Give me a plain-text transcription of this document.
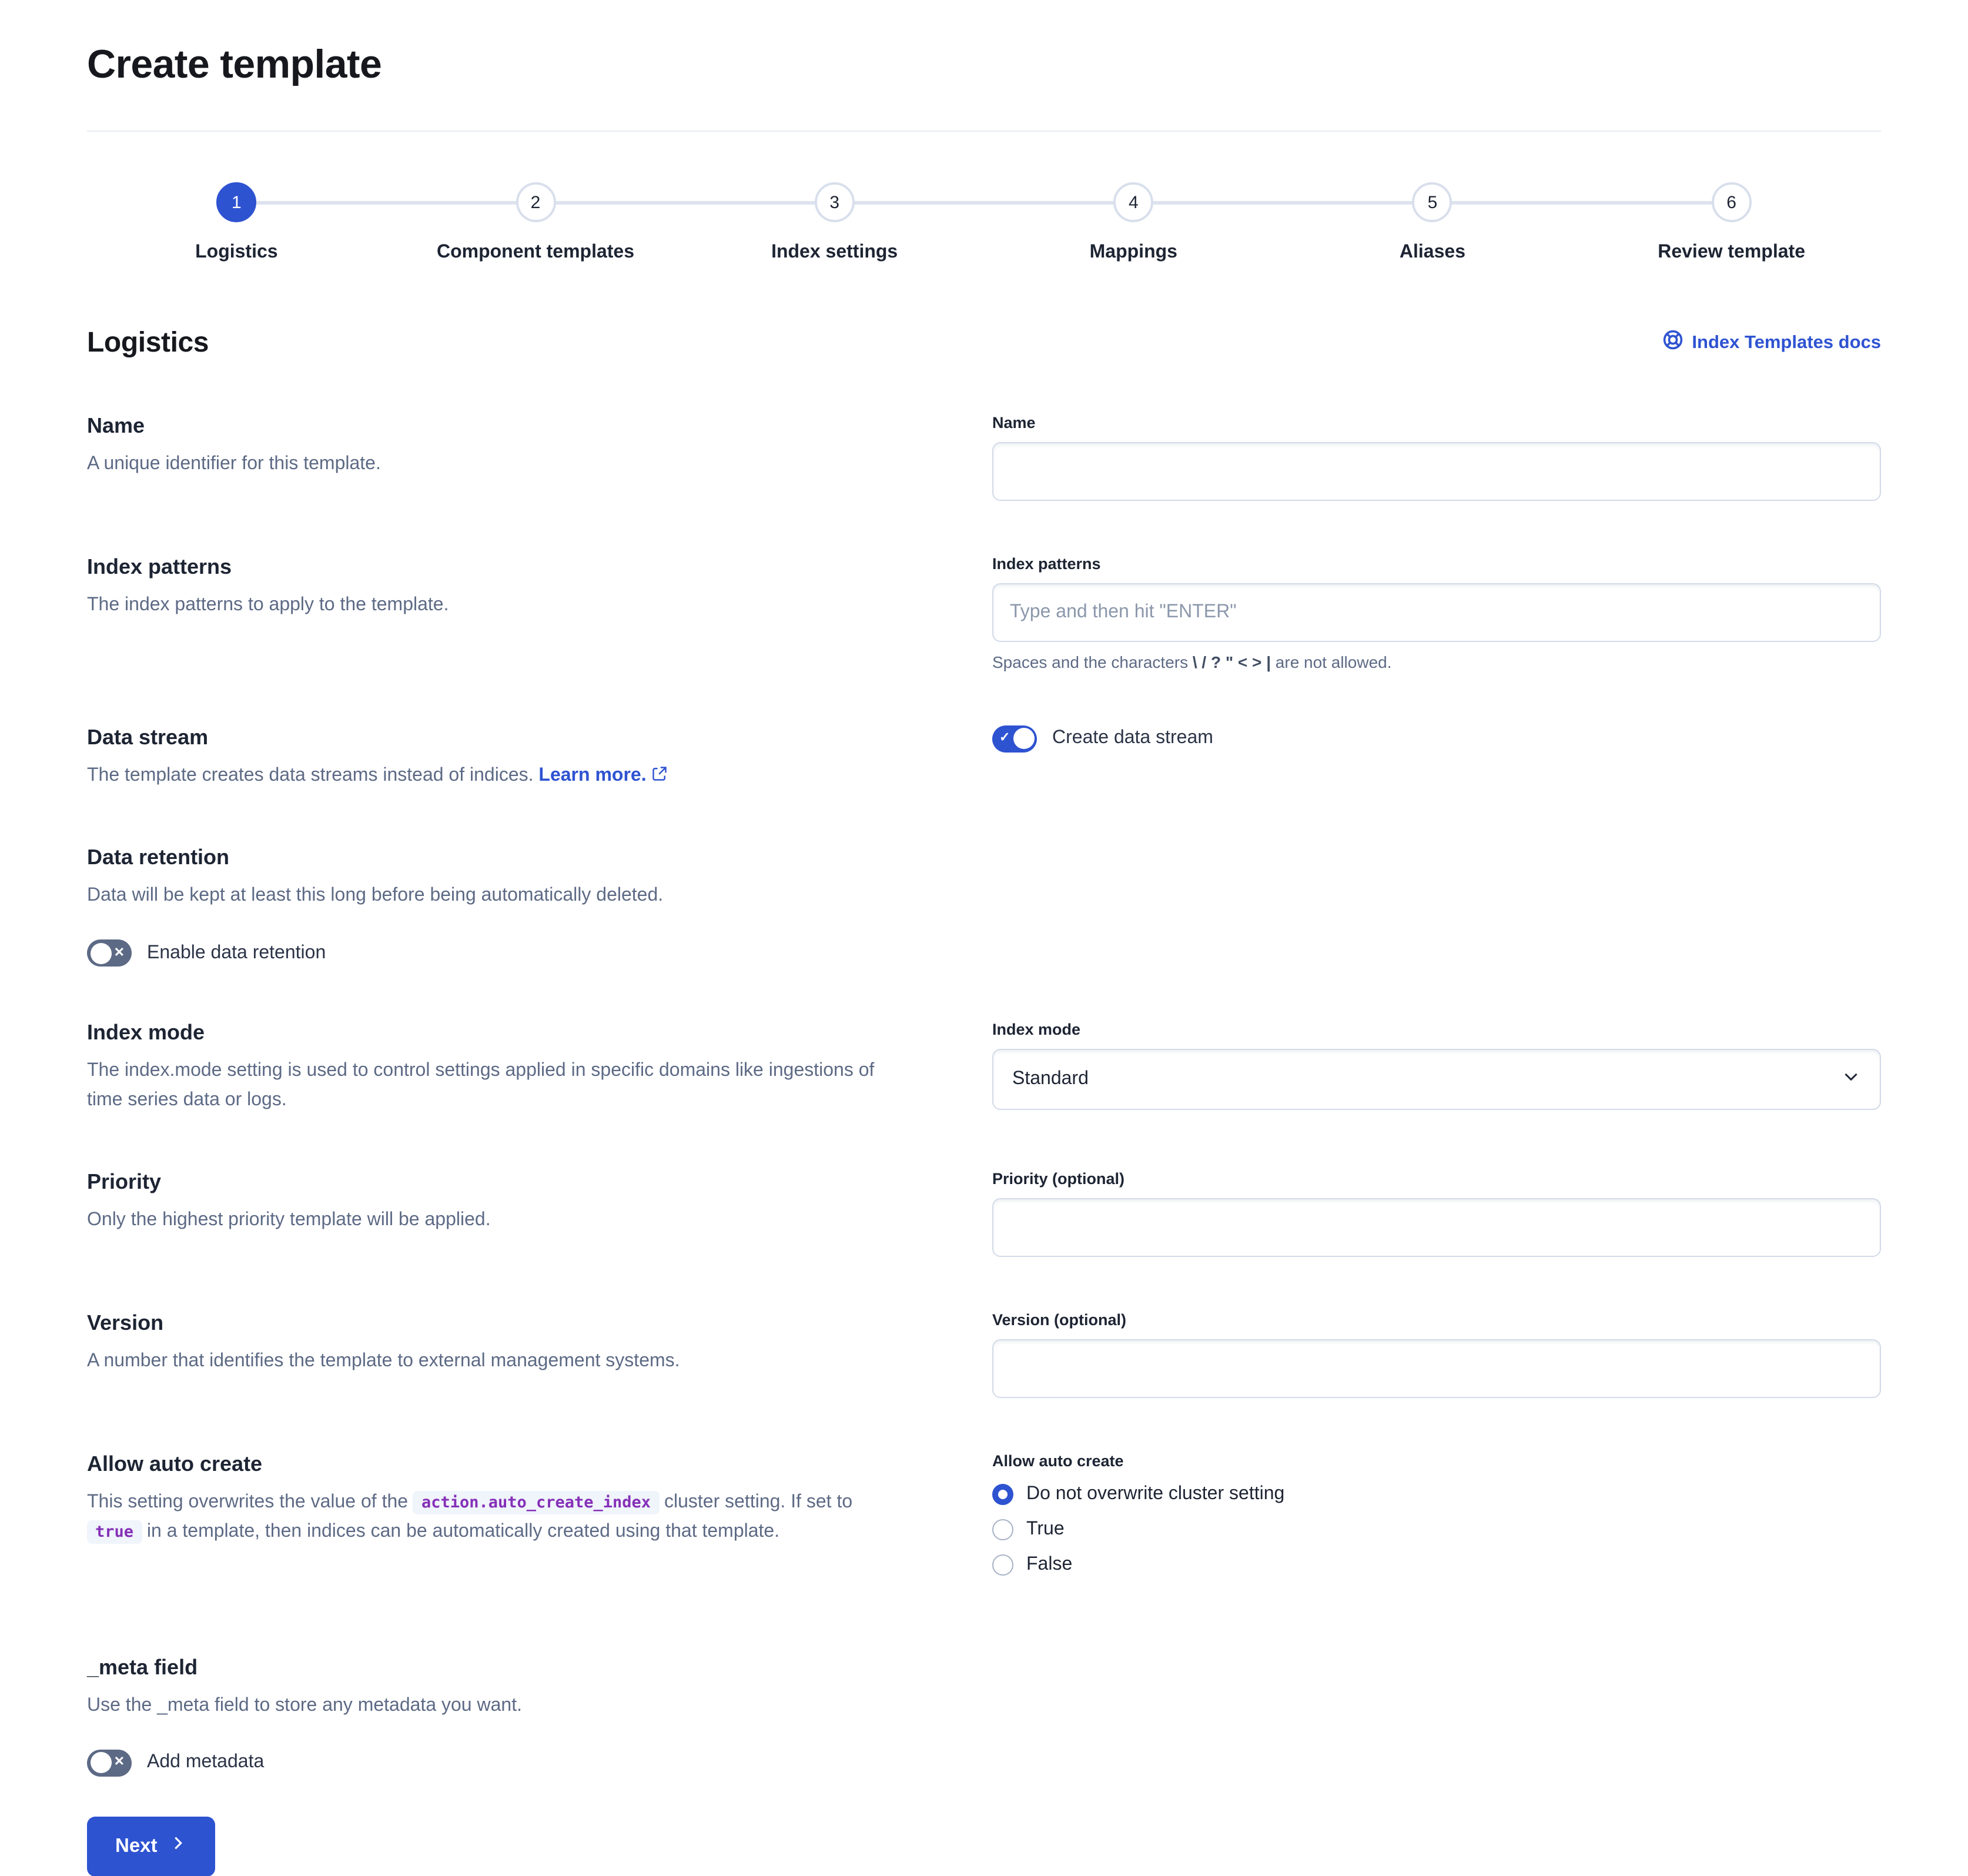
Create template
1
Logistics
2
Component templates
3
Index settings
4
Mappings
5
Aliases
6
Review template
Logistics	Index Templates docs
Name

A unique identifier for this template.

Name
Index patterns

The index patterns to apply to the template.

Index patterns
Type and then hit "ENTER"
Spaces and the characters \ / ? " < > | are not allowed.
Data stream

The template creates data streams instead of indices. Learn more.

✓	Create data stream
Data retention

Data will be kept at least this long before being automatically deleted.

✕ Enable data retention
Index mode

The index.mode setting is used to control settings applied in specific domains like ingestions of time series data or logs.

Index mode
Standard
Priority

Only the highest priority template will be applied.

Priority (optional)
Version

A number that identifies the template to external management systems.

Version (optional)
Allow auto create

This setting overwrites the value of the action.auto_create_index cluster setting. If set to true in a template, then indices can be automatically created using that template.

Allow auto create
Do not overwrite cluster setting
True
False
_meta field

Use the _meta field to store any metadata you want.

✕ Add metadata
Next
